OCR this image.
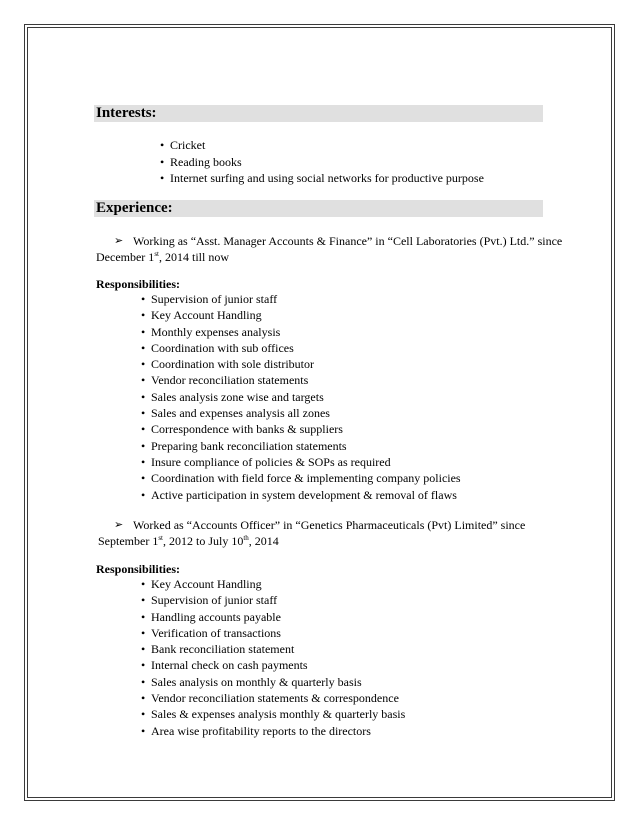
Interests:
• Cricket
• Reading books
• Internet surfing and using social networks for productive purpose
Experience:
➢ Working as “Asst. Manager Accounts & Finance” in “Cell Laboratories (Pvt.) Ltd.” since
December 1st, 2014 till now
Responsibilities:
• Supervision of junior staff
• Key Account Handling
• Monthly expenses analysis
• Coordination with sub offices
• Coordination with sole distributor
• Vendor reconciliation statements
• Sales analysis zone wise and targets
• Sales and expenses analysis all zones
• Correspondence with banks & suppliers
• Preparing bank reconciliation statements
• Insure compliance of policies & SOPs as required
• Coordination with field force & implementing company policies
• Active participation in system development & removal of flaws
➢ Worked as “Accounts Officer” in “Genetics Pharmaceuticals (Pvt) Limited” since
September 1st, 2012 to July 10th, 2014
Responsibilities:
• Key Account Handling
• Supervision of junior staff
• Handling accounts payable
• Verification of transactions
• Bank reconciliation statement
• Internal check on cash payments
• Sales analysis on monthly & quarterly basis
• Vendor reconciliation statements & correspondence
• Sales & expenses analysis monthly & quarterly basis
• Area wise profitability reports to the directors
